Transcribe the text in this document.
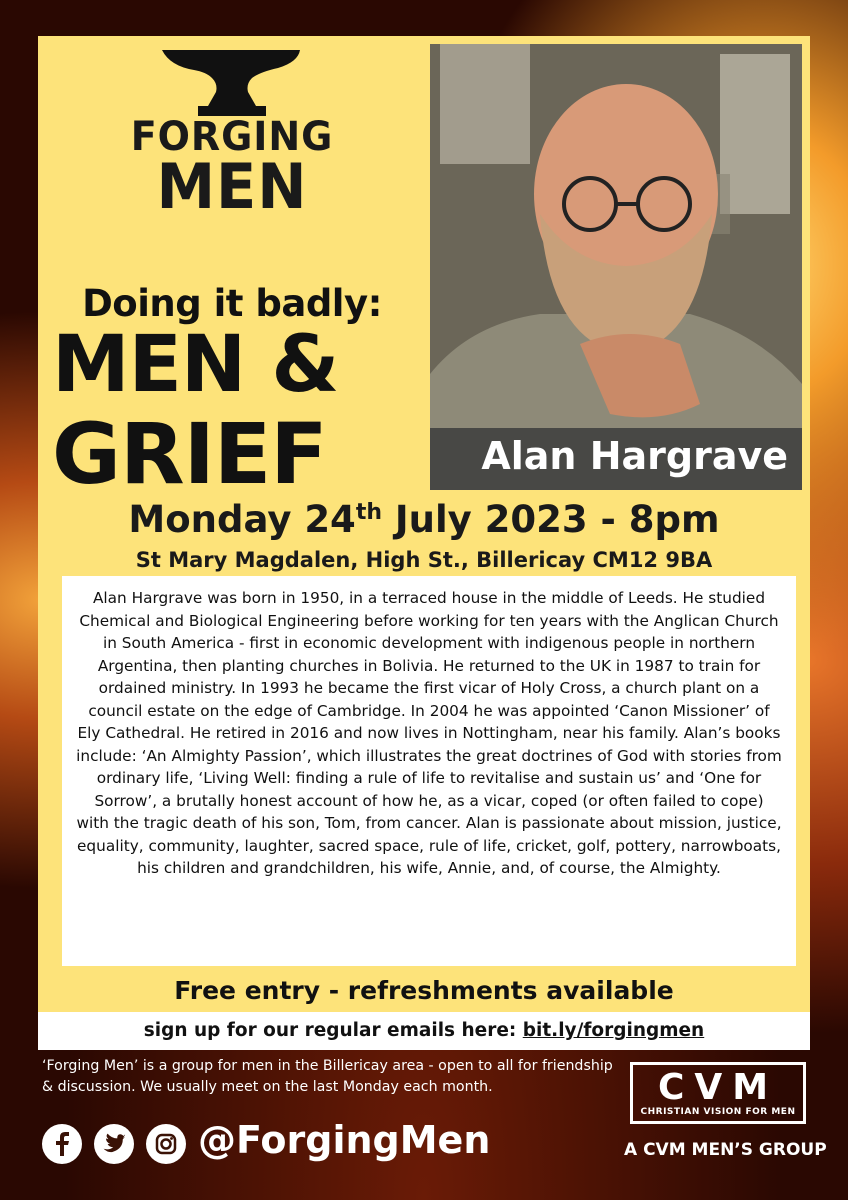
FORGING
MEN
Doing it badly:
MEN &
GRIEF	Alan Hargrave
Monday 24th July 2023 - 8pm
St Mary Magdalen, High St., Billericay CM12 9BA

Alan Hargrave was born in 1950, in a terraced house in the middle of Leeds. He studied Chemical and Biological Engineering before working for ten years with the Anglican Church in South America - first in economic development with indigenous people in northern Argentina, then planting churches in Bolivia. He returned to the UK in 1987 to train for ordained ministry. In 1993 he became the first vicar of Holy Cross, a church plant on a council estate on the edge of Cambridge. In 2004 he was appointed ‘Canon Missioner’ of Ely Cathedral. He retired in 2016 and now lives in Nottingham, near his family. Alan’s books include: ‘An Almighty Passion’, which illustrates the great doctrines of God with stories from ordinary life, ‘Living Well: finding a rule of life to revitalise and sustain us’ and ‘One for Sorrow’, a brutally honest account of how he, as a vicar, coped (or often failed to cope) with the tragic death of his son, Tom, from cancer. Alan is passionate about mission, justice, equality, community, laughter, sacred space, rule of life, cricket, golf, pottery, narrowboats, his children and grandchildren, his wife, Annie, and, of course, the Almighty.

Free entry - refreshments available
sign up for our regular emails here: bit.ly/forgingmen
‘Forging Men’ is a group for men in the Billericay area - open to all for friendship & discussion. We usually meet on the last Monday each month.
@ForgingMen
CVM
CHRISTIAN VISION FOR MEN
A CVM MEN’S GROUP
